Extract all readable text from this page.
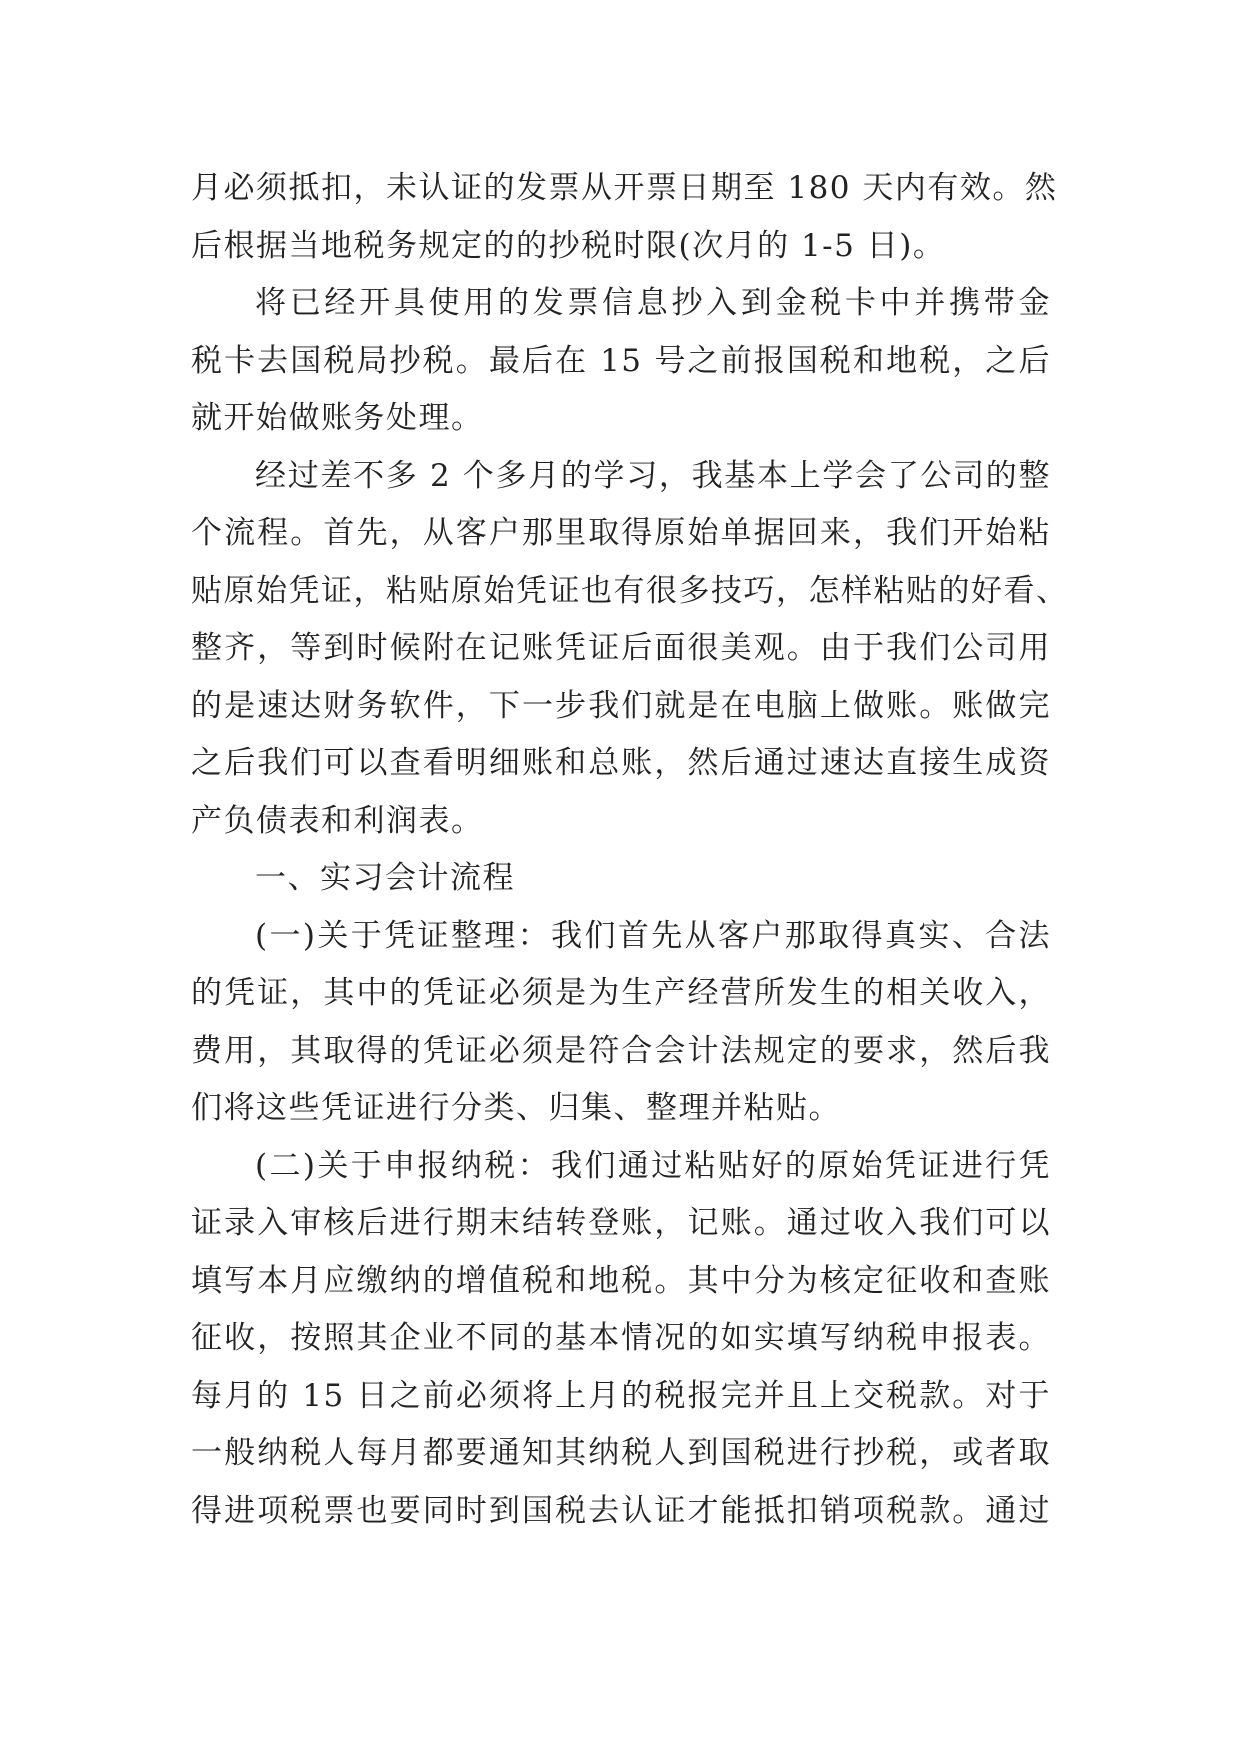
月必须抵扣，未认证的发票从开票日期至 180 天内有效。然
后根据当地税务规定的的抄税时限(次月的 1-5 日)。
将已经开具使用的发票信息抄入到金税卡中并携带金
税卡去国税局抄税。最后在 15 号之前报国税和地税，之后
就开始做账务处理。
经过差不多 2 个多月的学习，我基本上学会了公司的整
个流程。首先，从客户那里取得原始单据回来，我们开始粘
贴原始凭证，粘贴原始凭证也有很多技巧，怎样粘贴的好看、
整齐，等到时候附在记账凭证后面很美观。由于我们公司用
的是速达财务软件，下一步我们就是在电脑上做账。账做完
之后我们可以查看明细账和总账，然后通过速达直接生成资
产负债表和利润表。
一、实习会计流程
(一)关于凭证整理：我们首先从客户那取得真实、合法
的凭证，其中的凭证必须是为生产经营所发生的相关收入，
费用，其取得的凭证必须是符合会计法规定的要求，然后我
们将这些凭证进行分类、归集、整理并粘贴。
(二)关于申报纳税：我们通过粘贴好的原始凭证进行凭
证录入审核后进行期末结转登账，记账。通过收入我们可以
填写本月应缴纳的增值税和地税。其中分为核定征收和查账
征收，按照其企业不同的基本情况的如实填写纳税申报表。
每月的 15 日之前必须将上月的税报完并且上交税款。对于
一般纳税人每月都要通知其纳税人到国税进行抄税，或者取
得进项税票也要同时到国税去认证才能抵扣销项税款。通过
